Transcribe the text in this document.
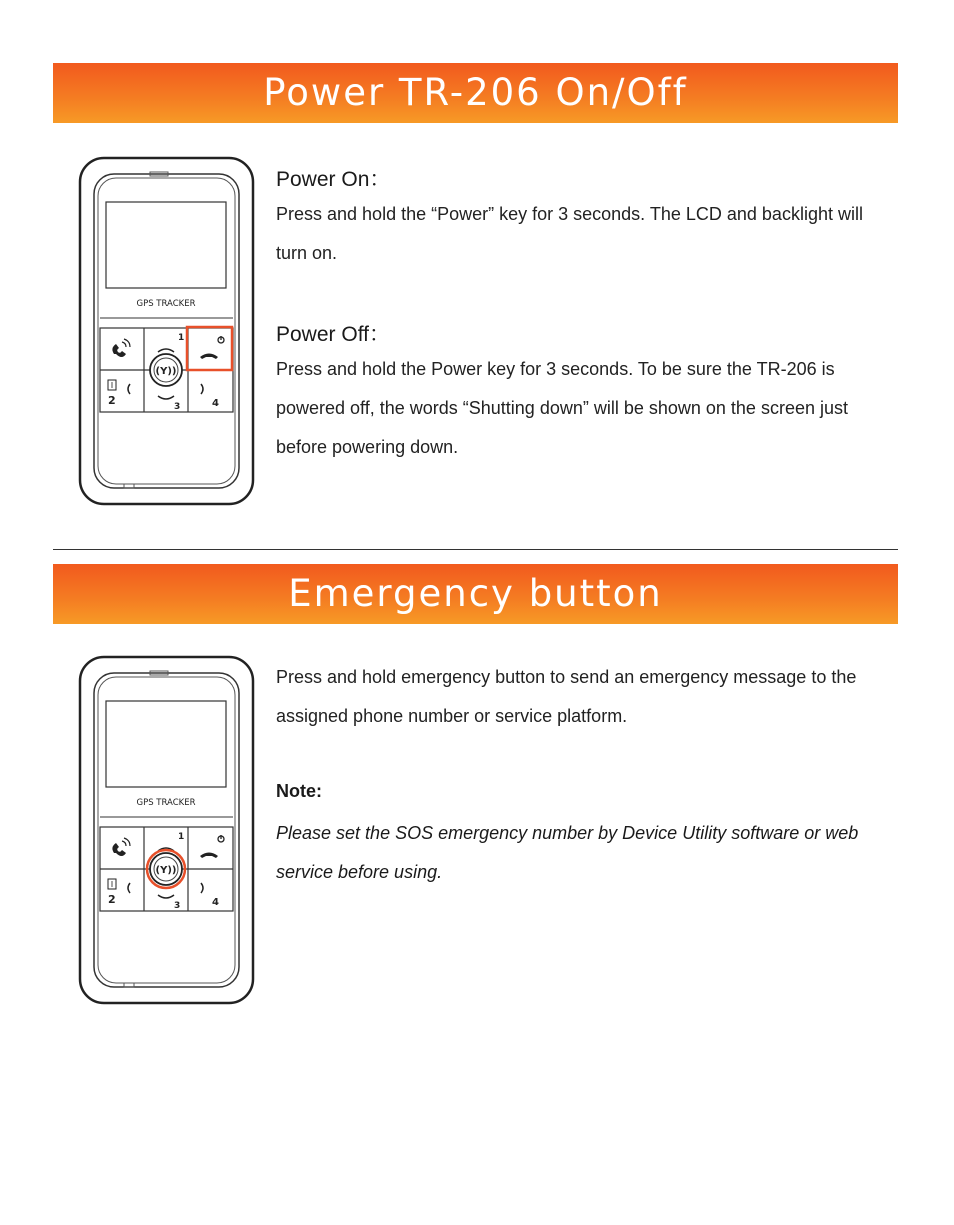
Power TR-206 On/Off
GPS TRACKER
1
(Y))
2	3	4

Power On：

Press and hold the “Power” key for 3 seconds. The LCD and backlight will turn on.

Power Off：

Press and hold the Power key for 3 seconds. To be sure the TR-206 is powered off, the words “Shutting down” will be shown on the screen just before powering down.

Emergency button
GPS TRACKER
1
(Y))
2	3	4

Press and hold emergency button to send an emergency message to the assigned phone number or service platform.

Note:

Please set the SOS emergency number by Device Utility software or web service before using.
